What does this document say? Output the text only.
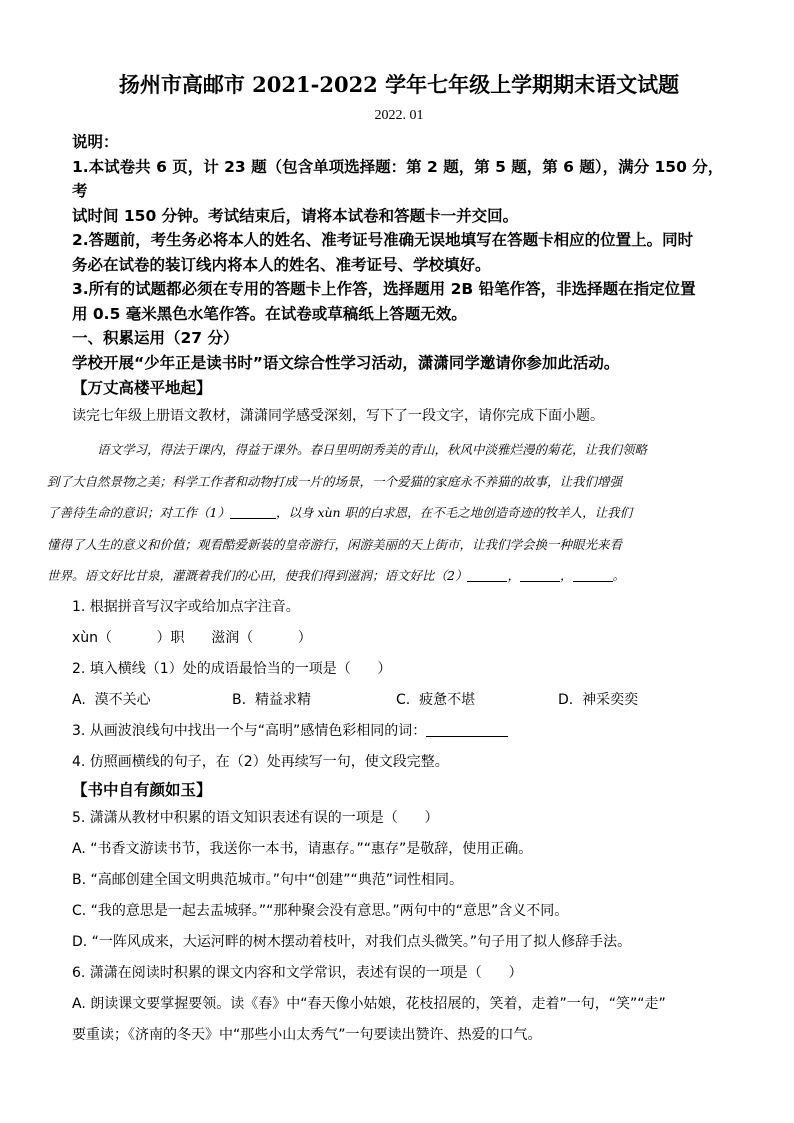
扬州市高邮市 2021-2022 学年七年级上学期期末语文试题
2022. 01

说明：

1.本试卷共 6 页，计 23 题（包含单项选择题：第 2 题，第 5 题，第 6 题），满分 150 分，考

试时间 150 分钟。考试结束后，请将本试卷和答题卡一并交回。

2.答题前，考生务必将本人的姓名、准考证号准确无误地填写在答题卡相应的位置上。同时

务必在试卷的装订线内将本人的姓名、准考证号、学校填好。

3.所有的试题都必须在专用的答题卡上作答，选择题用 2B 铅笔作答，非选择题在指定位置

用 0.5 毫米黑色水笔作答。在试卷或草稿纸上答题无效。

一、积累运用（27 分）

学校开展“少年正是读书时”语文综合性学习活动，潇潇同学邀请你参加此活动。

【万丈高楼平地起】

读完七年级上册语文教材，潇潇同学感受深刻，写下了一段文字，请你完成下面小题。

语文学习，得法于课内，得益于课外。春日里明朗秀美的青山，秋风中淡雅烂漫的菊花，让我们领略
到了大自然景物之美；科学工作者和动物打成一片的场景，一个爱猫的家庭永不养猫的故事，让我们增强
了善待生命的意识；对工作（1）	，以身 xùn 职的白求恩，在不毛之地创造奇迹的牧羊人，让我们
懂得了人生的意义和价值；观看酷爱新装的皇帝游行，闲游美丽的天上街市，让我们学会换一种眼光来看
世界。语文好比甘泉，灌溉着我们的心田，使我们得到滋润；语文好比（2）	，	，	。

1. 根据拼音写汉字或给加点字注音。

xùn（          ）职      滋润（          ）

2. 填入横线（1）处的成语最恰当的一项是（      ）

A.  漠不关心	B.  精益求精	C.  疲惫不堪	D.  神采奕奕

3. 从画波浪线句中找出一个与“高明”感情色彩相同的词：

4. 仿照画横线的句子，在（2）处再续写一句，使文段完整。

【书中自有颜如玉】

5. 潇潇从教材中积累的语文知识表述有误的一项是（      ）

A. “书香文游读书节，我送你一本书，请惠存。”“惠存”是敬辞，使用正确。

B. “高邮创建全国文明典范城市。”句中“创建”“典范”词性相同。

C. “我的意思是一起去盂城驿。”“那种聚会没有意思。”两句中的“意思”含义不同。

D. “一阵风成来，大运河畔的树木摆动着枝叶，对我们点头微笑。”句子用了拟人修辞手法。

6. 潇潇在阅读时积累的课文内容和文学常识，表述有误的一项是（      ）

A. 朗读课文要掌握要领。读《春》中“春天像小姑娘，花枝招展的，笑着，走着”一句，“笑”“走”

要重读；《济南的冬天》中“那些小山太秀气”一句要读出赞许、热爱的口气。
